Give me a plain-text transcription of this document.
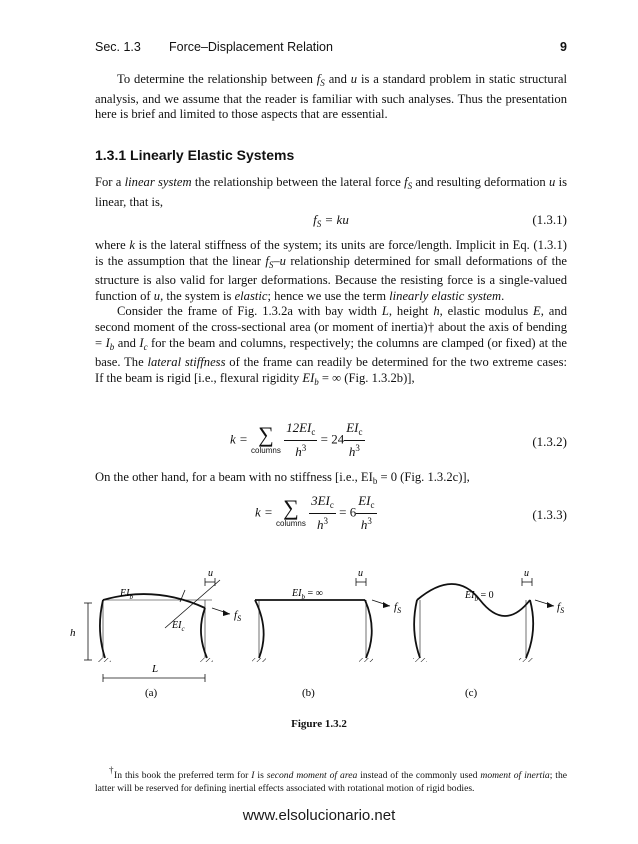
Sec. 1.3 Force–Displacement Relation	9

To determine the relationship between $f_S$ and u is a standard problem in static structural analysis, and we assume that the reader is familiar with such analyses. Thus the presentation here is brief and limited to those aspects that are essential.

1.3.1 Linearly Elastic Systems

For a linear system the relationship between the lateral force $f_S$ and resulting deformation u is linear, that is,

$f_S$ = ku	(1.3.1)

where k is the lateral stiffness of the system; its units are force/length. Implicit in Eq. (1.3.1) is the assumption that the linear $f_S-u$ relationship determined for small deformations of the structure is also valid for larger deformations. Because the resisting force is a single-valued function of u, the system is elastic; hence we use the term linearly elastic system.

Consider the frame of Fig. 1.3.2a with bay width L, height h, elastic modulus E, and second moment of the cross-sectional area (or moment of inertia)† about the axis of bending = $I_b$ and $I_c$ for the beam and columns, respectively; the columns are clamped (or fixed) at the base. The lateral stiffness of the frame can readily be determined for the two extreme cases: If the beam is rigid [i.e., flexural rigidity $EI_b$ = ∞ (Fig. 1.3.2b)],

k = ∑
columns
$\frac{12EI_c}{h^3} = 24 \frac{EI_c}{h^3}$	(1.3.2)

On the other hand, for a beam with no stiffness [i.e., $EI_b = 0$ (Fig. 1.3.2c)],

k = ∑
columns
$\frac{3EI_c}{h^3} = 6 \frac{EI_c}{h^3}$	(1.3.3)
u
$f_S$
$EI_b$
$EI_c$
h
L
(a)
u
$f_S$
$EI_b$ = ∞
(b)
u
$f_S$
$EI_b = 0$
(c)
Figure 1.3.2

†In this book the preferred term for I is second moment of area instead of the commonly used moment of inertia; the latter will be reserved for defining inertial effects associated with rotational motion of rigid bodies.

www.elsolucionario.net
